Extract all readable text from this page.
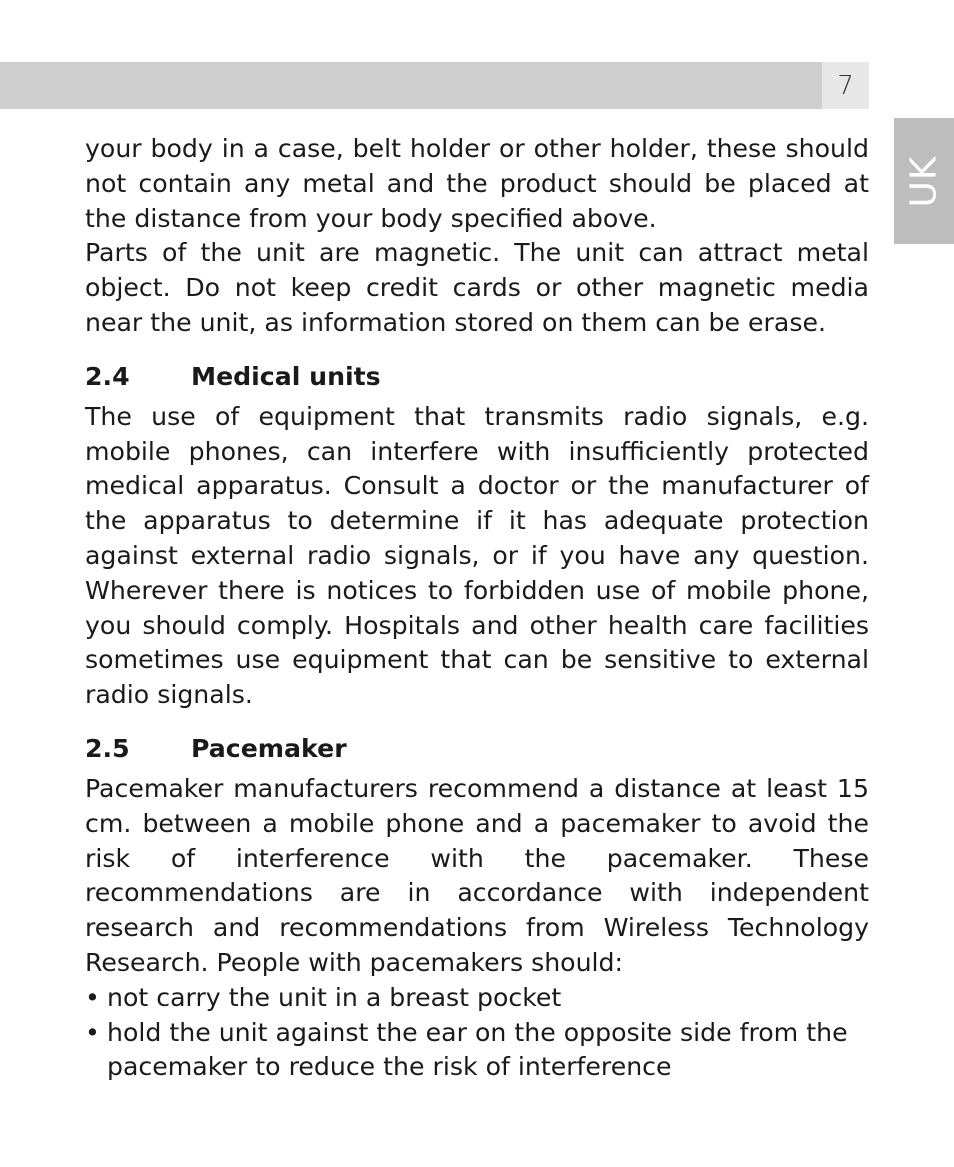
7
UK

your body in a case, belt holder or other holder, these should not contain any metal and the product should be placed at the distance from your body specified above.

Parts of the unit are magnetic. The unit can attract metal object. Do not keep credit cards or other magnetic media near the unit, as information stored on them can be erase.

2.4	Medical units

The use of equipment that transmits radio signals, e.g. mobile phones, can interfere with insufficiently protected medical apparatus. Consult a doctor or the manufacturer of the apparatus to determine if it has adequate protection against external radio signals, or if you have any question. Wherever there is notices to forbidden use of mobile phone, you should comply. Hospitals and other health care facilities sometimes use equipment that can be sensitive to external radio signals.

2.5	Pacemaker

Pacemaker manufacturers recommend a distance at least 15 cm. between a mobile phone and a pacemaker to avoid the risk of interference with the pacemaker. These recommendations are in accordance with independent research and recommendations from Wireless Technology Research. People with pacemakers should:

• not carry the unit in a breast pocket
• hold the unit against the ear on the opposite side from the pacemaker to reduce the risk of interference
